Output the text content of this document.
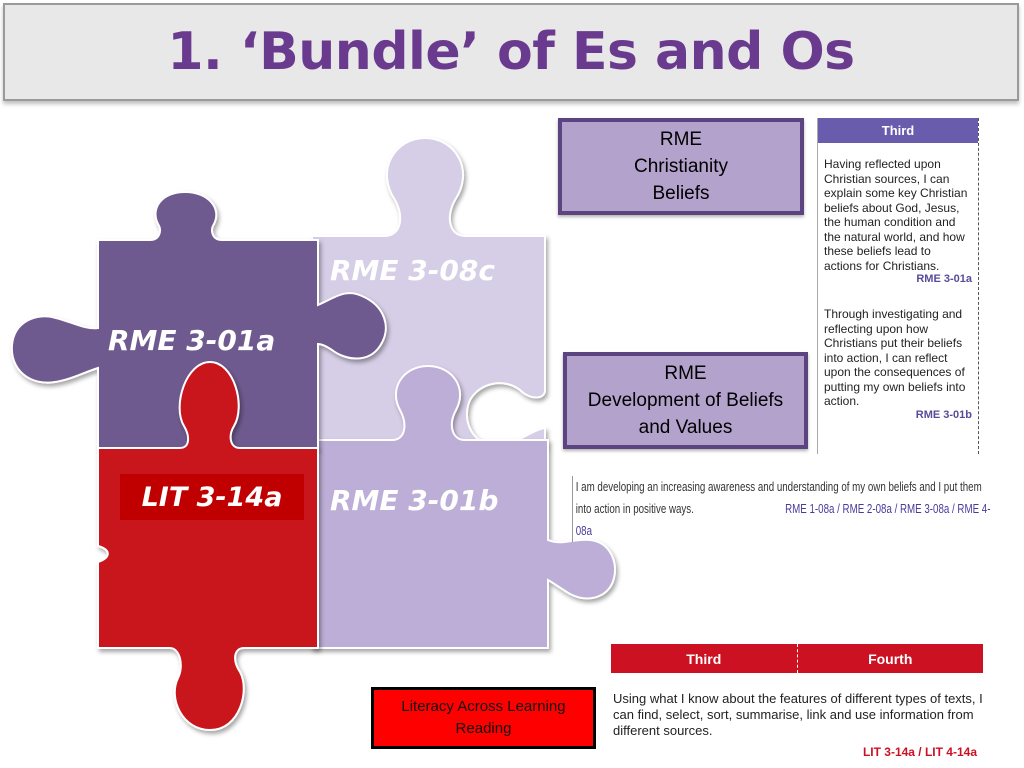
1. ‘Bundle’ of Es and Os
RME 3-01a
RME 3-08c
RME 3-01b
LIT 3-14a
RME
Christianity
Beliefs
RME
Development of Beliefs
and Values
Third
Having reflected upon Christian sources, I can explain some key Christian beliefs about God, Jesus, the human condition and the natural world, and how these beliefs lead to actions for Christians.
RME 3-01a
Through investigating and reflecting upon how Christians put their beliefs into action, I can reflect upon the consequences of putting my own beliefs into action.
RME 3-01b
I am developing an increasing awareness and understanding of my own beliefs and I put them into action in positive ways.	RME 1-08a / RME 2-08a / RME 3-08a / RME 4-08a
Third	Fourth
Using what I know about the features of different types of texts, I can find, select, sort, summarise, link and use information from different sources.
LIT 3-14a / LIT 4-14a
Literacy Across Learning
Reading
